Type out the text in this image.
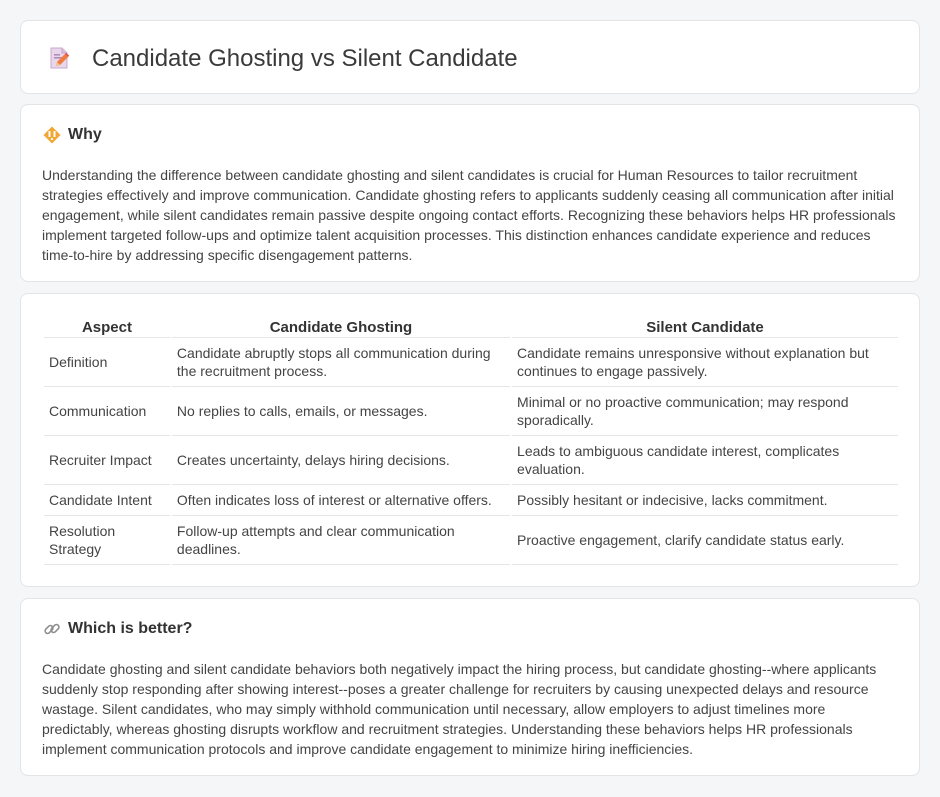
Candidate Ghosting vs Silent Candidate
Why

Understanding the difference between candidate ghosting and silent candidates is crucial for Human Resources to tailor recruitment strategies effectively and improve communication. Candidate ghosting refers to applicants suddenly ceasing all communication after initial engagement, while silent candidates remain passive despite ongoing contact efforts. Recognizing these behaviors helps HR professionals implement targeted follow-ups and optimize talent acquisition processes. This distinction enhances candidate experience and reduces time-to-hire by addressing specific disengagement patterns.

Aspect	Candidate Ghosting	Silent Candidate
Definition	Candidate abruptly stops all communication during the recruitment process.	Candidate remains unresponsive without explanation but continues to engage passively.
Communication	No replies to calls, emails, or messages.	Minimal or no proactive communication; may respond sporadically.
Recruiter Impact	Creates uncertainty, delays hiring decisions.	Leads to ambiguous candidate interest, complicates evaluation.
Candidate Intent	Often indicates loss of interest or alternative offers.	Possibly hesitant or indecisive, lacks commitment.
Resolution Strategy	Follow-up attempts and clear communication deadlines.	Proactive engagement, clarify candidate status early.
Which is better?

Candidate ghosting and silent candidate behaviors both negatively impact the hiring process, but candidate ghosting--where applicants suddenly stop responding after showing interest--poses a greater challenge for recruiters by causing unexpected delays and resource wastage. Silent candidates, who may simply withhold communication until necessary, allow employers to adjust timelines more predictably, whereas ghosting disrupts workflow and recruitment strategies. Understanding these behaviors helps HR professionals implement communication protocols and improve candidate engagement to minimize hiring inefficiencies.
